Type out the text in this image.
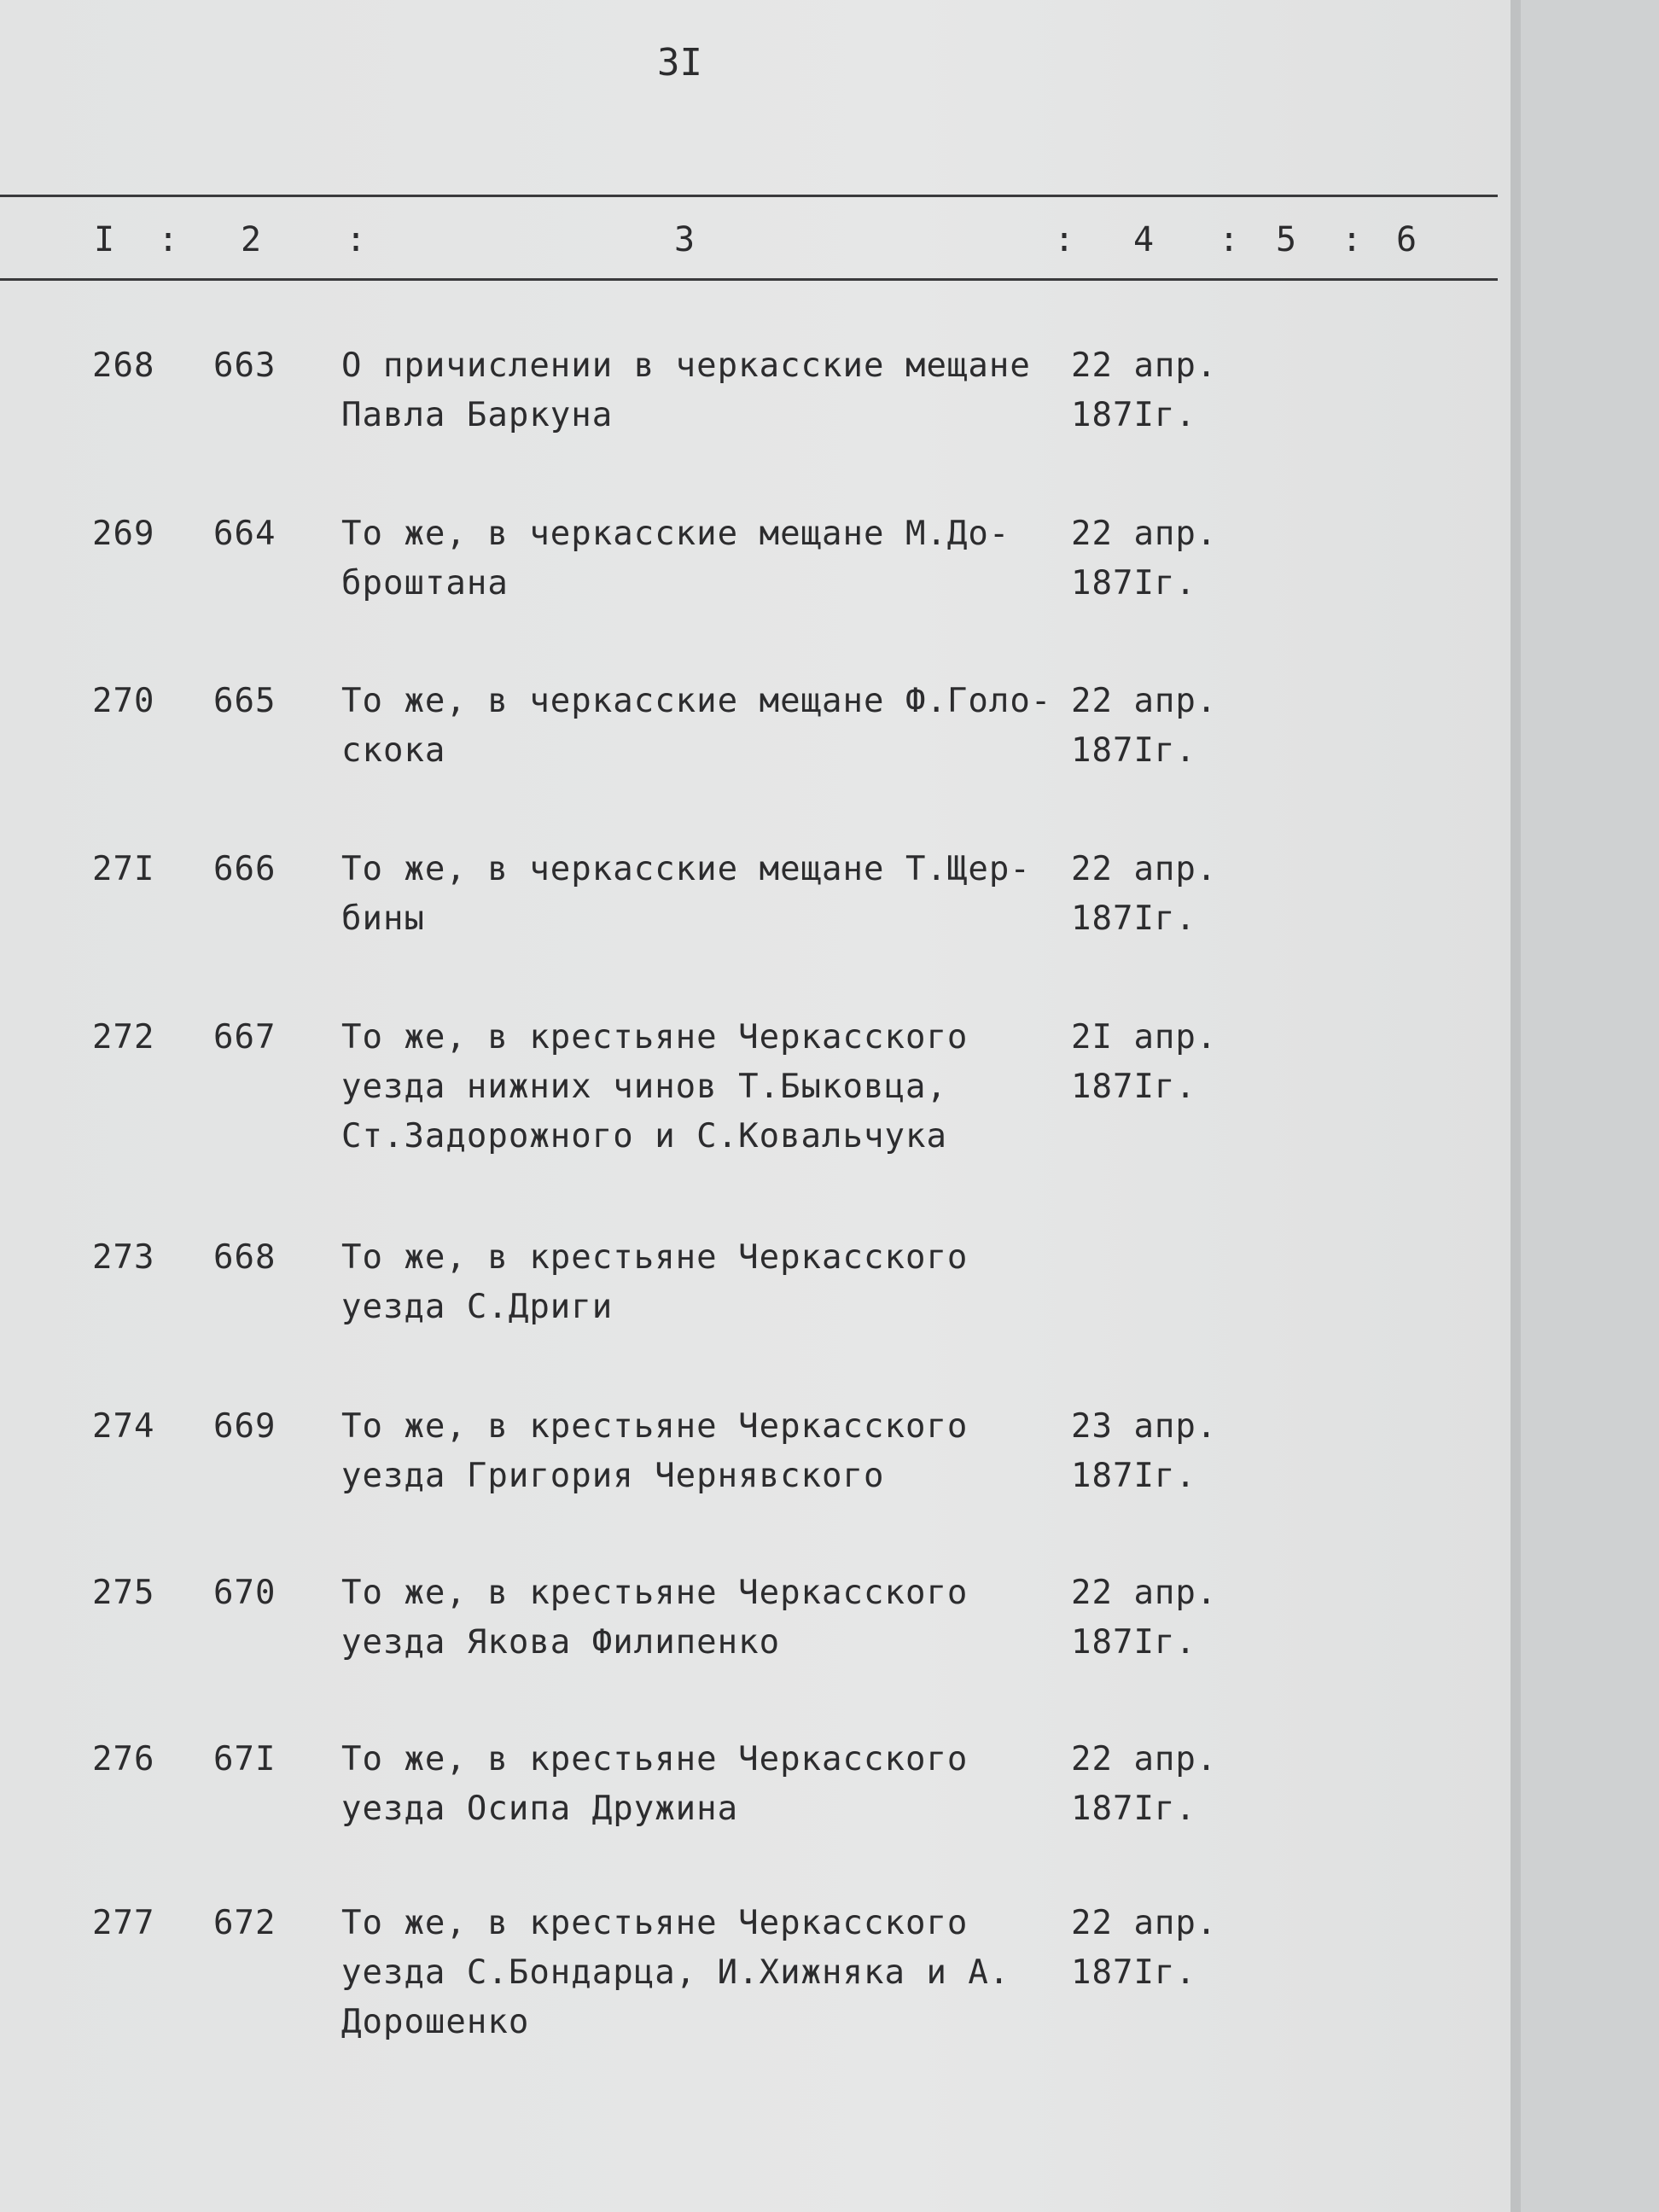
3I
I : 2 :	3	: 4 : 5 : 6
268 663 О причислении в черкасские мещане
Павла Баркуна
22 апр.
187Iг.
269 664 То же, в черкасские мещане М.До-
броштана
22 апр.
187Iг.
270 665 То же, в черкасские мещане Ф.Голо-
скока
22 апр.
187Iг.
27I 666 То же, в черкасские мещане Т.Щер-
бины
22 апр.
187Iг.
272 667 То же, в крестьяне Черкасского
уезда нижних чинов Т.Быковца,
Ст.Задорожного и С.Ковальчука
2I апр.
187Iг.
273 668 То же, в крестьяне Черкасского
уезда С.Дриги
274 669 То же, в крестьяне Черкасского
уезда Григория Чернявского
23 апр.
187Iг.
275 670 То же, в крестьяне Черкасского
уезда Якова Филипенко
22 апр.
187Iг.
276 67I То же, в крестьяне Черкасского
уезда Осипа Дружина
22 апр.
187Iг.
277 672 То же, в крестьяне Черкасского
уезда С.Бондарца, И.Хижняка и А.
Дорошенко
22 апр.
187Iг.
